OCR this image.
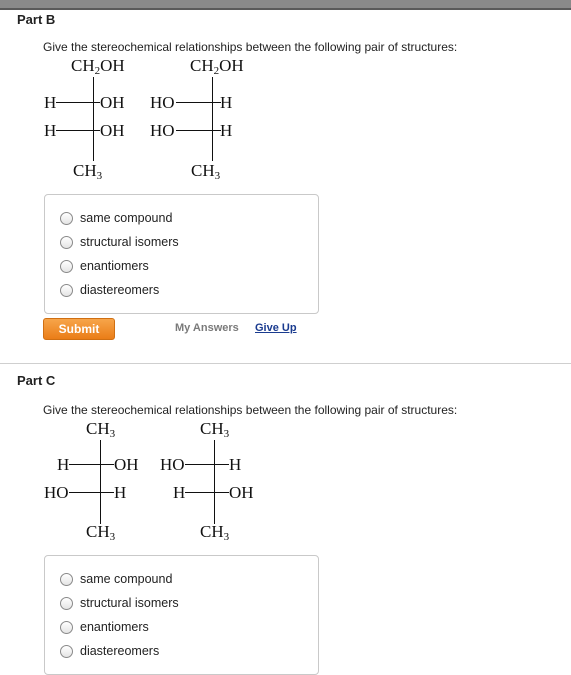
Part B
Give the stereochemical relationships between the following pair of structures:
$CH_2OH$
H	OH
H	OH
$CH_3$
$CH_2OH$
HO	H
HO	H
$CH_3$
same compound
structural isomers
enantiomers
diastereomers
Submit	My Answers Give Up
Part C
Give the stereochemical relationships between the following pair of structures:
$CH_3$
H	OH
HO	H
$CH_3$
$CH_3$
HO	H
H	OH
$CH_3$
same compound
structural isomers
enantiomers
diastereomers
